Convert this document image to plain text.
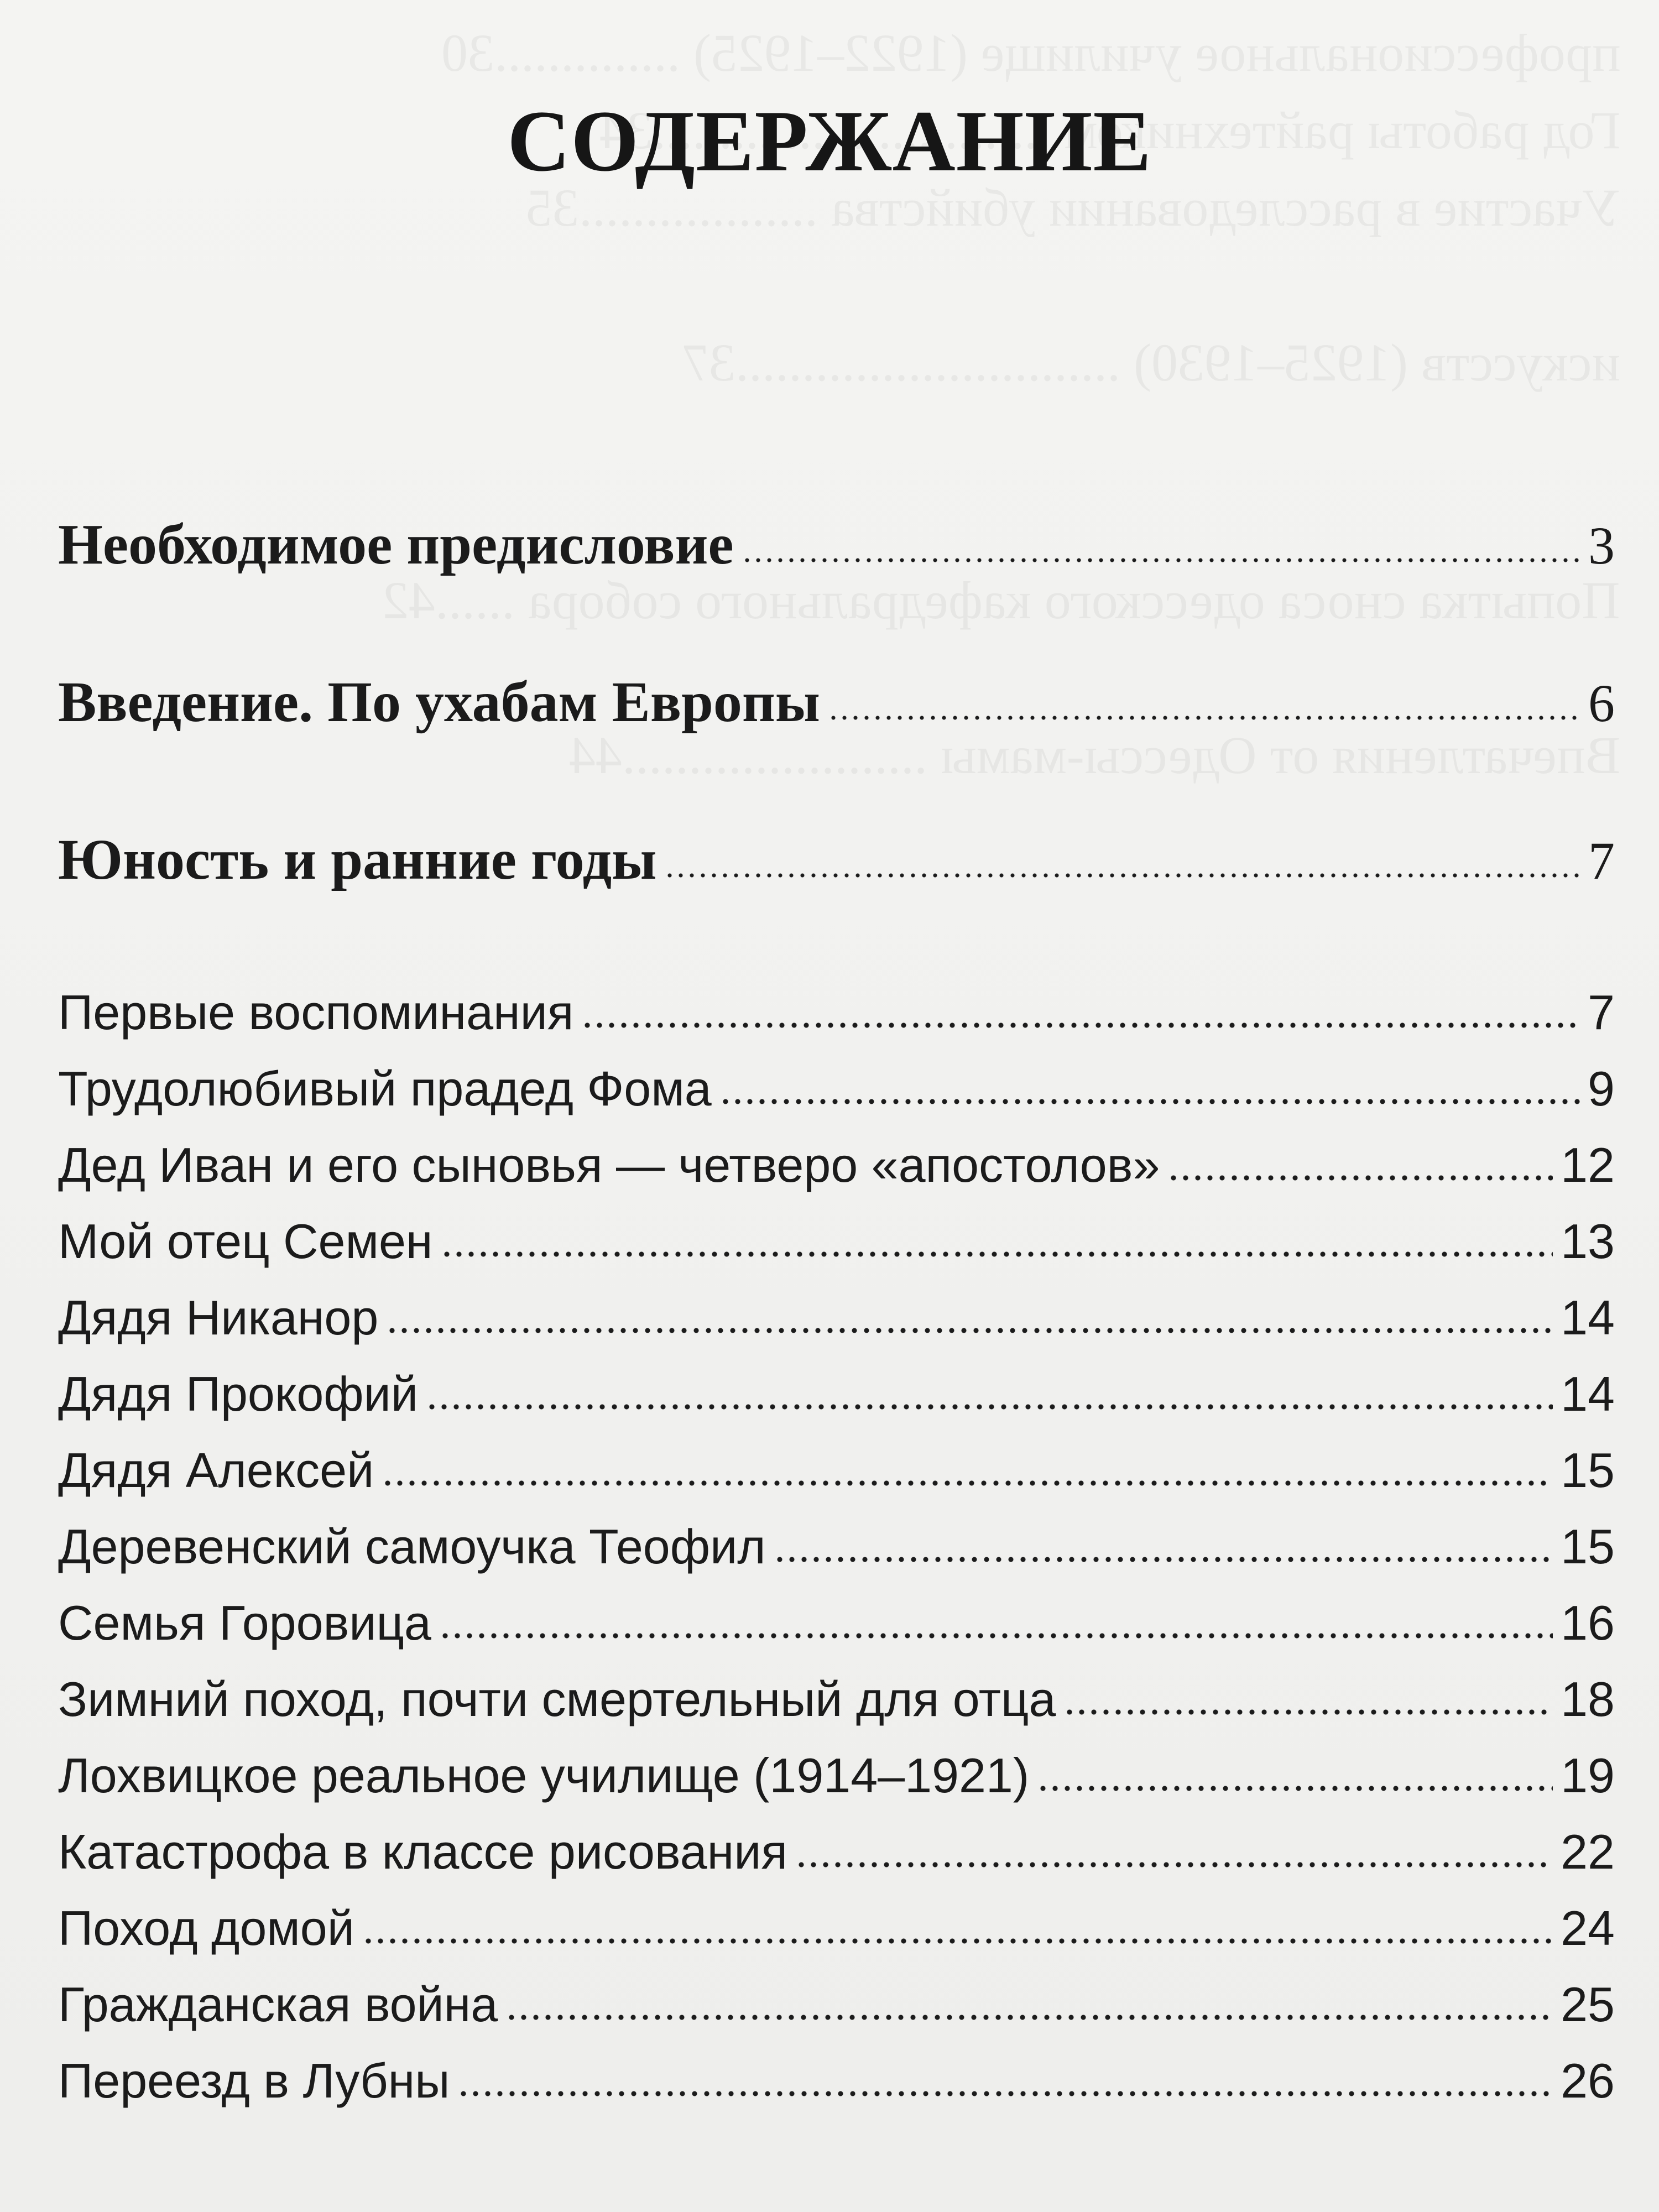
СОДЕРЖАНИЕ
Необходимое предисловие	3
Введение. По ухабам Европы	6
Юность и ранние годы	7
Первые воспоминания	7
Трудолюбивый прадед Фома	9
Дед Иван и его сыновья — четверо «апостолов»	12
Мой отец Семен	13
Дядя Никанор	14
Дядя Прокофий	14
Дядя Алексей	15
Деревенский самоучка Теофил	15
Семья Горовица	16
Зимний поход, почти смертельный для отца	18
Лохвицкое реальное училище (1914–1921)	19
Катастрофа в классе рисования	22
Поход домой	24
Гражданская война	25
Переезд в Лубны	26
